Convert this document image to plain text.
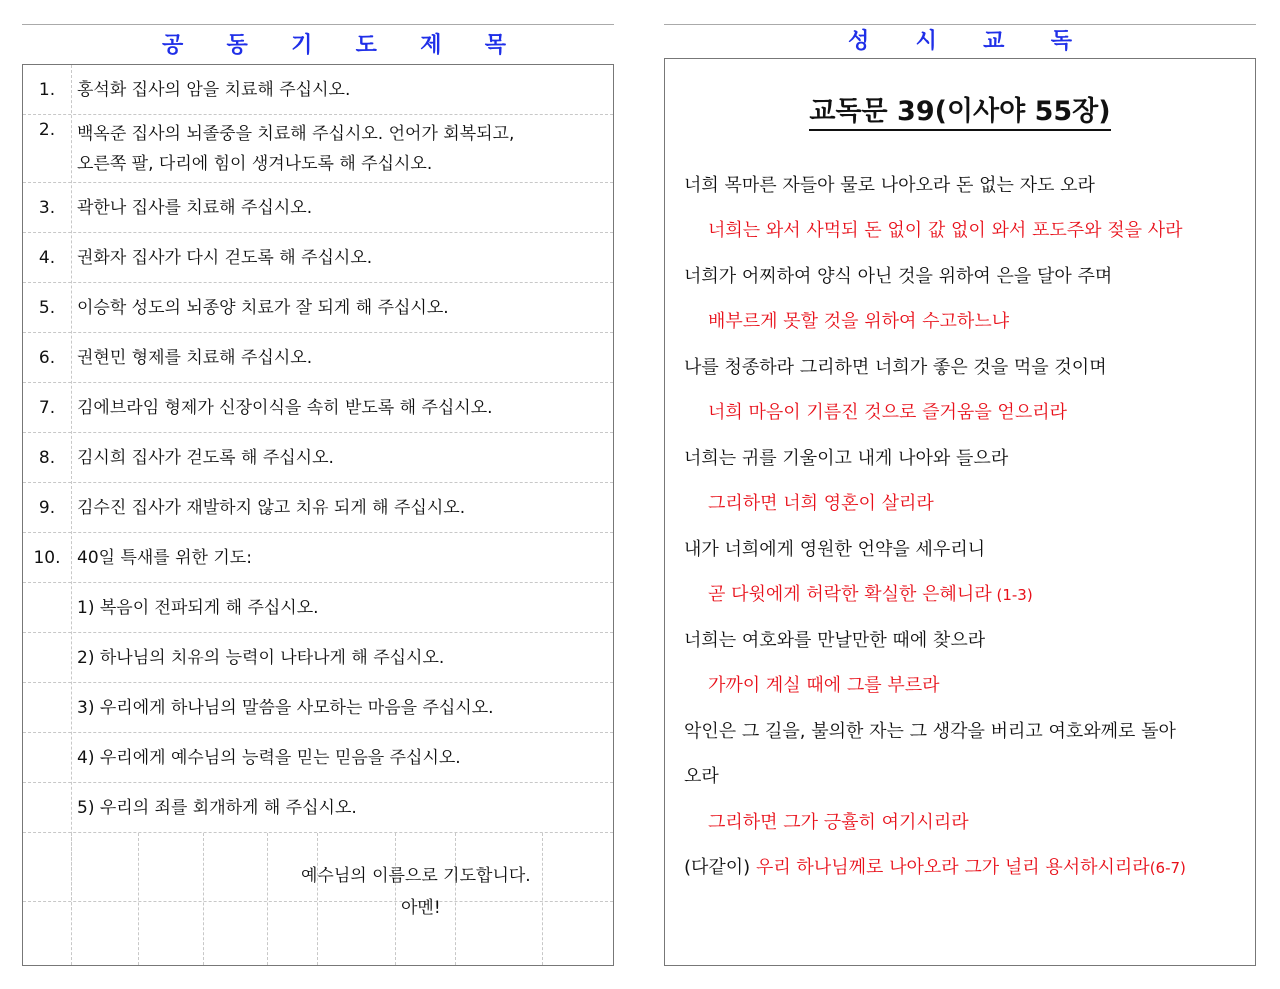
공 동 기 도 제 목
1.	홍석화 집사의 암을 치료해 주십시오.
2.	백옥준 집사의 뇌졸중을 치료해 주십시오. 언어가 회복되고,
오른쪽 팔, 다리에 힘이 생겨나도록 해 주십시오.
3.	곽한나 집사를 치료해 주십시오.
4.	권화자 집사가 다시 걷도록 해 주십시오.
5.	이승학 성도의 뇌종양 치료가 잘 되게 해 주십시오.
6.	권현민 형제를 치료해 주십시오.
7.	김에브라임 형제가 신장이식을 속히 받도록 해 주십시오.
8.	김시희 집사가 걷도록 해 주십시오.
9.	김수진 집사가 재발하지 않고 치유 되게 해 주십시오.
10. 40일 특새를 위한 기도:
1) 복음이 전파되게 해 주십시오.
2) 하나님의 치유의 능력이 나타나게 해 주십시오.
3) 우리에게 하나님의 말씀을 사모하는 마음을 주십시오.
4) 우리에게 예수님의 능력을 믿는 믿음을 주십시오.
5) 우리의 죄를 회개하게 해 주십시오.
예수님의 이름으로 기도합니다.
아멘!
성 시 교 독
교독문 39(이사야 55장)
너희 목마른 자들아 물로 나아오라 돈 없는 자도 오라
너희는 와서 사먹되 돈 없이 값 없이 와서 포도주와 젖을 사라
너희가 어찌하여 양식 아닌 것을 위하여 은을 달아 주며
배부르게 못할 것을 위하여 수고하느냐
나를 청종하라 그리하면 너희가 좋은 것을 먹을 것이며
너희 마음이 기름진 것으로 즐거움을 얻으리라
너희는 귀를 기울이고 내게 나아와 들으라
그리하면 너희 영혼이 살리라
내가 너희에게 영원한 언약을 세우리니
곧 다윗에게 허락한 확실한 은혜니라 (1-3)
너희는 여호와를 만날만한 때에 찾으라
가까이 계실 때에 그를 부르라
악인은 그 길을, 불의한 자는 그 생각을 버리고 여호와께로 돌아
오라
그리하면 그가 긍휼히 여기시리라
(다같이) 우리 하나님께로 나아오라 그가 널리 용서하시리라(6-7)
